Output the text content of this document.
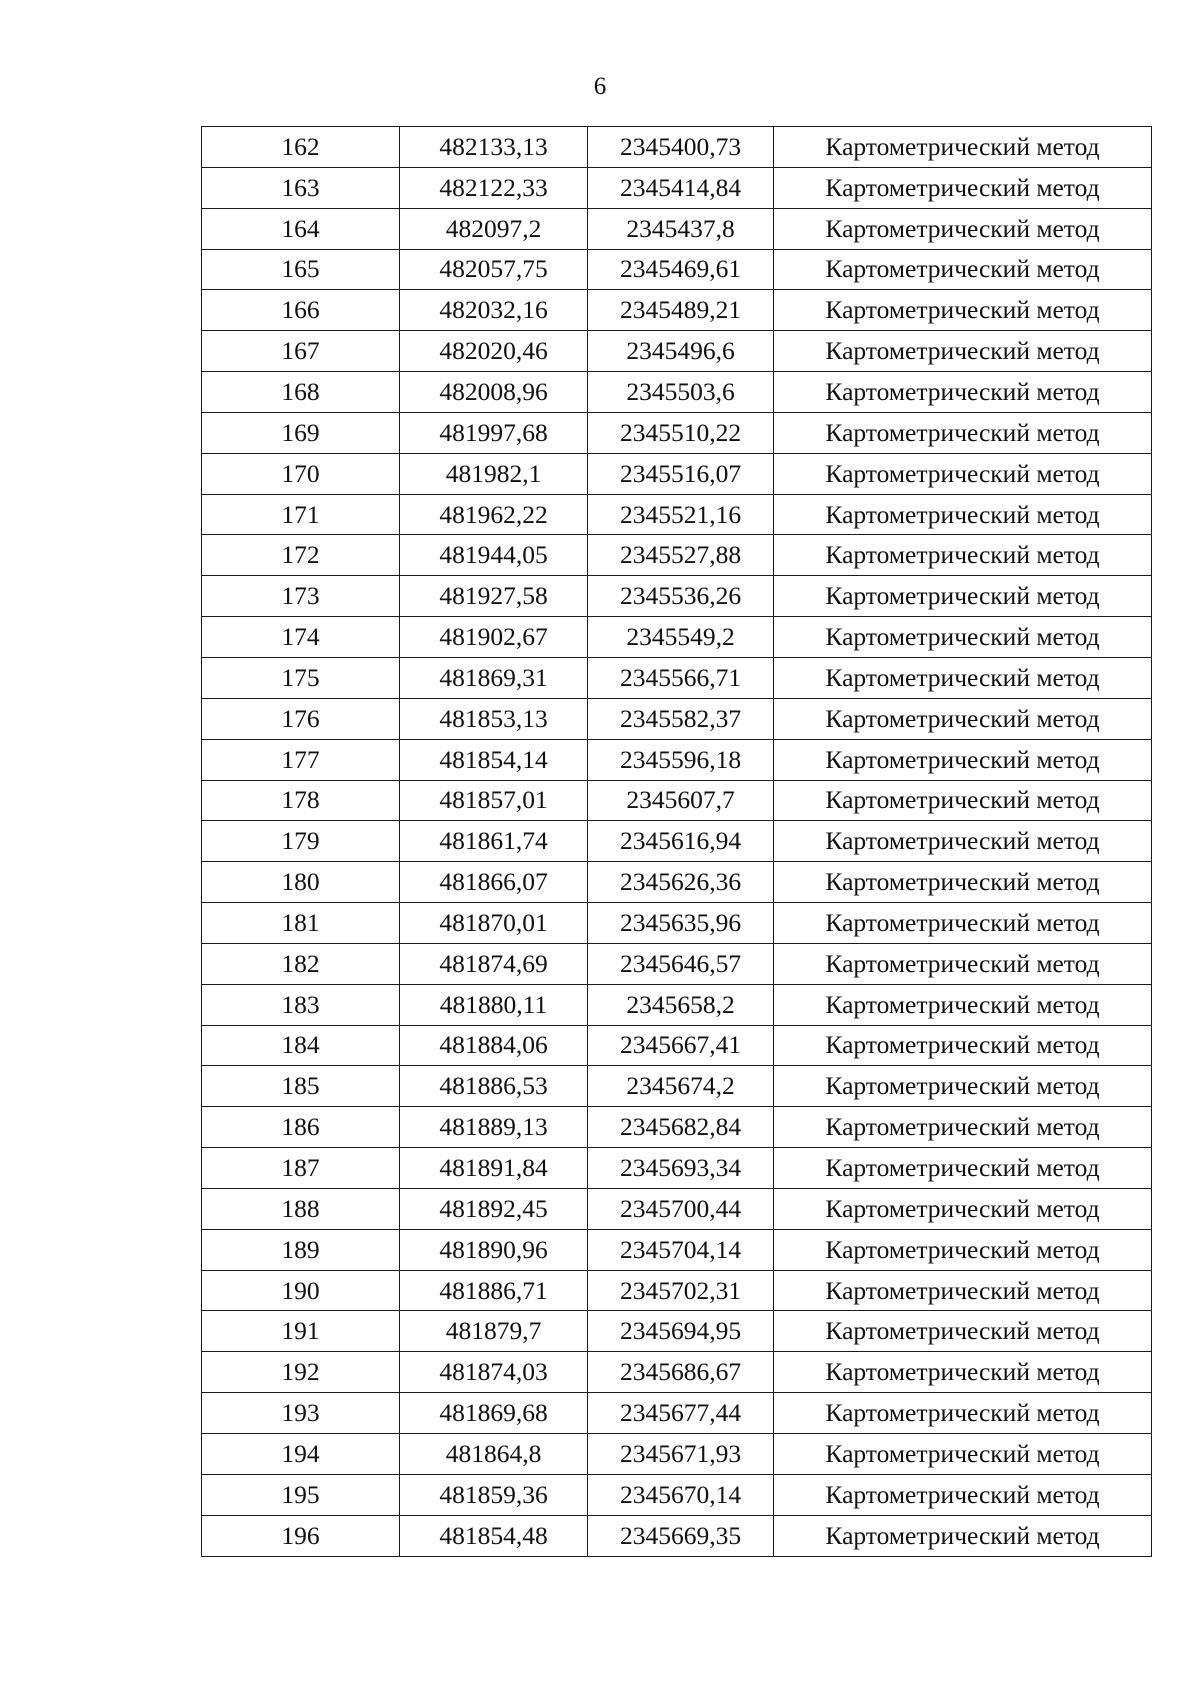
6
162	482133,13	2345400,73	Картометрический метод
163	482122,33	2345414,84	Картометрический метод
164	482097,2	2345437,8	Картометрический метод
165	482057,75	2345469,61	Картометрический метод
166	482032,16	2345489,21	Картометрический метод
167	482020,46	2345496,6	Картометрический метод
168	482008,96	2345503,6	Картометрический метод
169	481997,68	2345510,22	Картометрический метод
170	481982,1	2345516,07	Картометрический метод
171	481962,22	2345521,16	Картометрический метод
172	481944,05	2345527,88	Картометрический метод
173	481927,58	2345536,26	Картометрический метод
174	481902,67	2345549,2	Картометрический метод
175	481869,31	2345566,71	Картометрический метод
176	481853,13	2345582,37	Картометрический метод
177	481854,14	2345596,18	Картометрический метод
178	481857,01	2345607,7	Картометрический метод
179	481861,74	2345616,94	Картометрический метод
180	481866,07	2345626,36	Картометрический метод
181	481870,01	2345635,96	Картометрический метод
182	481874,69	2345646,57	Картометрический метод
183	481880,11	2345658,2	Картометрический метод
184	481884,06	2345667,41	Картометрический метод
185	481886,53	2345674,2	Картометрический метод
186	481889,13	2345682,84	Картометрический метод
187	481891,84	2345693,34	Картометрический метод
188	481892,45	2345700,44	Картометрический метод
189	481890,96	2345704,14	Картометрический метод
190	481886,71	2345702,31	Картометрический метод
191	481879,7	2345694,95	Картометрический метод
192	481874,03	2345686,67	Картометрический метод
193	481869,68	2345677,44	Картометрический метод
194	481864,8	2345671,93	Картометрический метод
195	481859,36	2345670,14	Картометрический метод
196	481854,48	2345669,35	Картометрический метод
